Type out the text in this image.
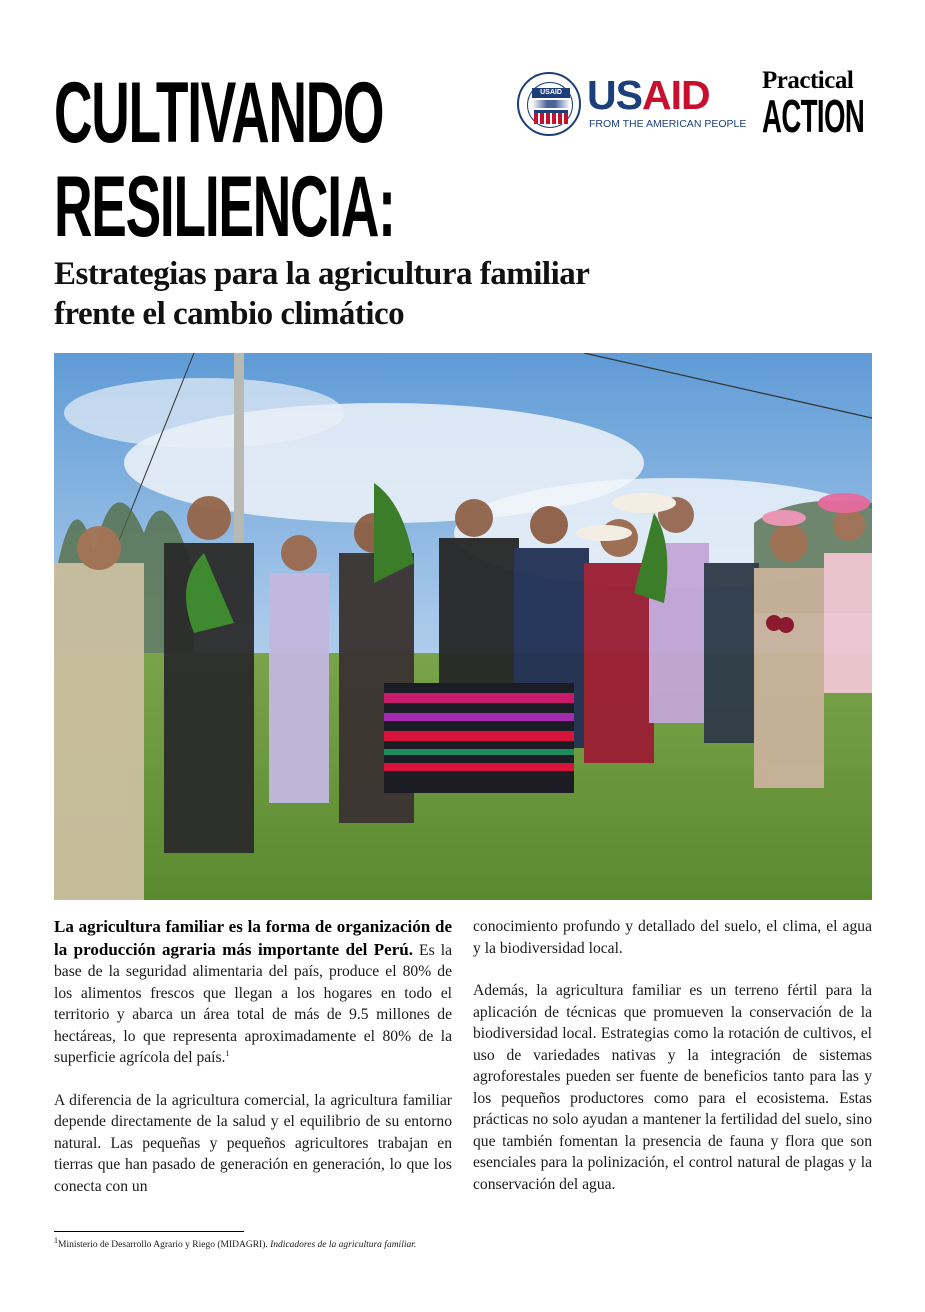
CULTIVANDO
RESILIENCIA:
Estrategias para la agricultura familiar
frente el cambio climático
USAID USAID
FROM THE AMERICAN PEOPLE
Practical
ACTION

La agricultura familiar es la forma de organización de la producción agraria más importante del Perú. Es la base de la seguridad alimentaria del país, produce el 80% de los alimentos frescos que llegan a los hogares en todo el territorio y abarca un área total de más de 9.5 millones de hectáreas, lo que representa aproximadamente el 80% de la superficie agrícola del país.$^1$

A diferencia de la agricultura comercial, la agricultura familiar depende directamente de la salud y el equilibrio de su entorno natural. Las pequeñas y pequeños agricultores trabajan en tierras que han pasado de generación en generación, lo que los conecta con un

conocimiento profundo y detallado del suelo, el clima, el agua y la biodiversidad local.

Además, la agricultura familiar es un terreno fértil para la aplicación de técnicas que promueven la conservación de la biodiversidad local. Estrategias como la rotación de cultivos, el uso de variedades nativas y la integración de sistemas agroforestales pueden ser fuente de beneficios tanto para las y los pequeños productores como para el ecosistema. Estas prácticas no solo ayudan a mantener la fertilidad del suelo, sino que también fomentan la presencia de fauna y flora que son esenciales para la polinización, el control natural de plagas y la conservación del agua.

$^1$Ministerio de Desarrollo Agrario y Riego (MIDAGRI). Indicadores de la agricultura familiar.
